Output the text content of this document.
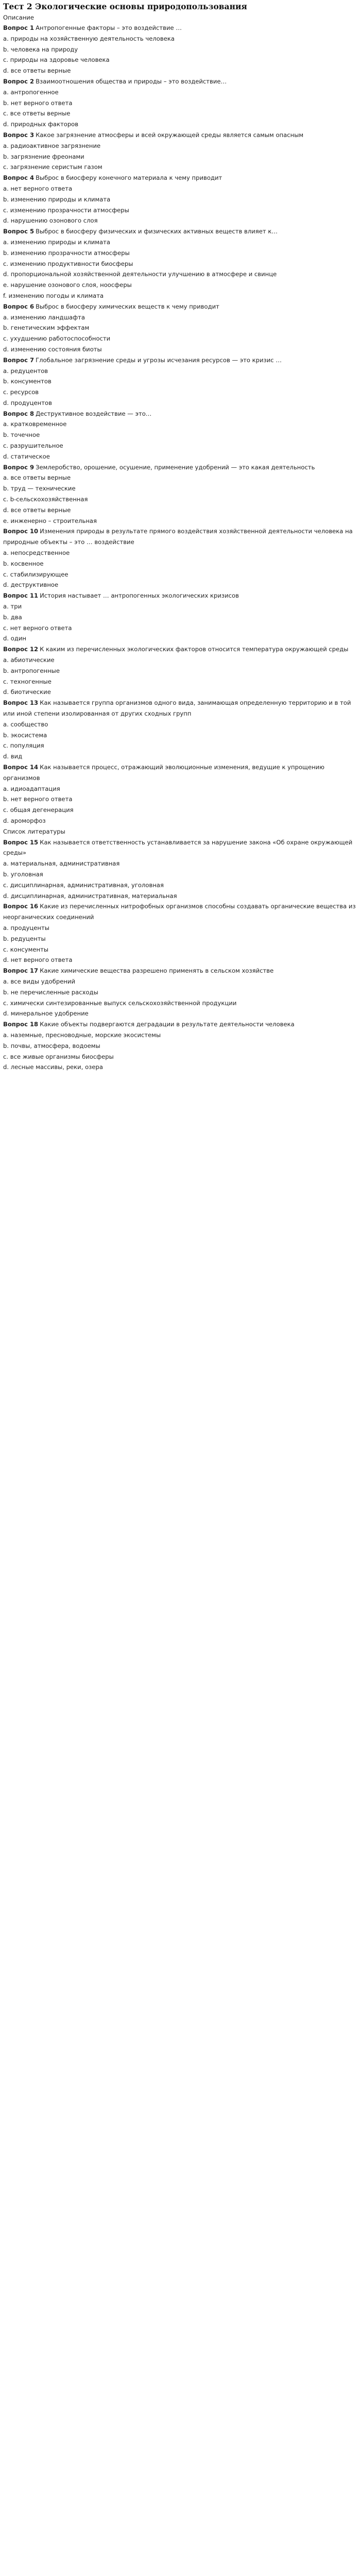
Тест 2 Экологические основы природопользования
Описание
Вопрос 1 Антропогенные факторы – это воздействие …
а. природы на хозяйственную деятельность человека
b. человека на природу
c. природы на здоровье человека
d. все ответы верные
Вопрос 2 Взаимоотношения общества и природы – это воздействие…
а. антропогенное
b. нет верного ответа
c. все ответы верные
d. природных факторов
Вопрос 3 Какое загрязнение атмосферы и всей окружающей среды является самым опасным
а. радиоактивное загрязнение
b. загрязнение фреонами
c. загрязнение серистым газом
Вопрос 4 Выброс в биосферу конечного материала к чему приводит
а. нет верного ответа
b. изменению природы и климата
c. изменению прозрачности атмосферы
d. нарушению озонового слоя
Вопрос 5 Выброс в биосферу физических и физических активных веществ влияет к…
а. изменению природы и климата
b. изменению прозрачности атмосферы
c. изменению продуктивности биосферы
d. пропорциональной хозяйственной деятельности улучшению в атмосфере и свинце
e. нарушение озонового слоя, ноосферы
f. изменению погоды и климата
Вопрос 6 Выброс в биосферу химических веществ к чему приводит
а. изменению ландшафта
b. генетическим эффектам
c. ухудшению работоспособности
d. изменению состояния биоты
Вопрос 7 Глобальное загрязнение среды и угрозы исчезания ресурсов — это кризис …
а. редуцентов
b. консументов
c. ресурсов
d. продуцентов
Вопрос 8 Деструктивное воздействие — это…
а. кратковременное
b. точечное
c. разрушительное
d. статическое
Вопрос 9 Землеробство, орошение, осушение, применение удобрений — это какая деятельность
а. все ответы верные
b. труд — технические
c. b-сельскохозяйственная
d. все ответы верные
e. инженерно – строительная
Вопрос 10 Изменения природы в результате прямого воздействия хозяйственной деятельности человека на природные объекты – это … воздействие
а. непосредственное
b. косвенное
c. стабилизирующее
d. деструктивное
Вопрос 11 История настывает … антропогенных экологических кризисов
а. три
b. два
c. нет верного ответа
d. один
Вопрос 12 К каким из перечисленных экологических факторов относится температура окружающей среды
а. абиотические
b. антропогенные
c. техногенные
d. биотические
Вопрос 13 Как называется группа организмов одного вида, занимающая определенную территорию и в той или иной степени изолированная от других сходных групп
а. сообщество
b. экосистема
c. популяция
d. вид
Вопрос 14 Как называется процесс, отражающий эволюционные изменения, ведущие к упрощению организмов
а. идиоадаптация
b. нет верного ответа
c. общая дегенерация
d. ароморфоз
Список литературы
Вопрос 15 Как называется ответственность устанавливается за нарушение закона «Об охране окружающей среды»
а. материальная, административная
b. уголовная
c. дисциплинарная, административная, уголовная
d. дисциплинарная, административная, материальная
Вопрос 16 Какие из перечисленных нитрофобных организмов способны создавать органические вещества из неорганических соединений
а. продуценты
b. редуценты
c. консументы
d. нет верного ответа
Вопрос 17 Какие химические вещества разрешено применять в сельском хозяйстве
а. все виды удобрений
b. не перечисленные расходы
c. химически синтезированные выпуск сельскохозяйственной продукции
d. минеральное удобрение
Вопрос 18 Какие объекты подвергаются деградации в результате деятельности человека
а. наземные, пресноводные, морские экосистемы
b. почвы, атмосфера, водоемы
c. все живые организмы биосферы
d. лесные массивы, реки, озера
